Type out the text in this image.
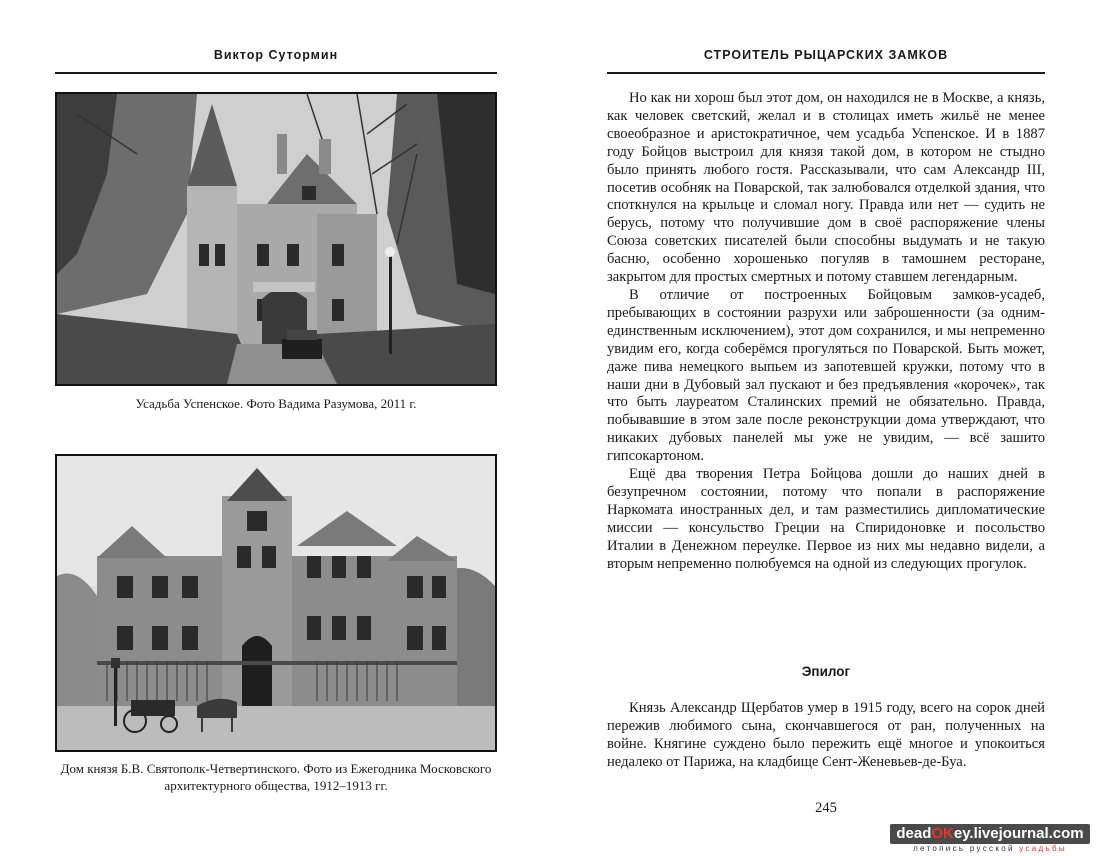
Виктор Сутормин
Усадьба Успенское. Фото Вадима Разумова, 2011 г.
Дом князя Б.В. Святополк-Четвертинского. Фото из Ежегодника Московского архитектурного общества, 1912–1913 гг.
СТРОИТЕЛЬ РЫЦАРСКИХ ЗАМКОВ

Но как ни хорош был этот дом, он находился не в Москве, а князь, как человек светский, желал и в столицах иметь жильё не менее своеобразное и аристократичное, чем усадьба Успенское. И в 1887 году Бойцов выстроил для князя такой дом, в котором не стыдно было принять любого гостя. Рассказывали, что сам Александр III, посетив особняк на Поварской, так залюбовался отделкой здания, что споткнулся на крыльце и сломал ногу. Правда или нет — судить не берусь, потому что получившие дом в своё распоряжение члены Союза советских писателей были способны выдумать и не такую басню, особенно хорошенько погуляв в тамошнем ресторане, закрытом для простых смертных и потому ставшем легендарным.

В отличие от построенных Бойцовым замков-усадеб, пребывающих в состоянии разрухи или заброшенности (за одним-единственным исключением), этот дом сохранился, и мы непременно увидим его, когда соберёмся прогуляться по Поварской. Быть может, даже пива немецкого выпьем из запотевшей кружки, потому что в наши дни в Дубовый зал пускают и без предъявления «корочек», так что быть лауреатом Сталинских премий не обязательно. Правда, побывавшие в этом зале после реконструкции дома утверждают, что никаких дубовых панелей мы уже не увидим, — всё зашито гипсокартоном.

Ещё два творения Петра Бойцова дошли до наших дней в безупречном состоянии, потому что попали в распоряжение Наркомата иностранных дел, и там разместились дипломатические миссии — консульство Греции на Спиридоновке и посольство Италии в Денежном переулке. Первое из них мы недавно видели, а вторым непременно полюбуемся на одной из следующих прогулок.

Эпилог

Князь Александр Щербатов умер в 1915 году, всего на сорок дней пережив любимого сына, скончавшегося от ран, полученных на войне. Княгине суждено было пережить ещё многое и упокоиться недалеко от Парижа, на кладбище Сент-Женевьев-де-Буа.

245
deadOKey.livejournal.com
летопись русской усадьбы
